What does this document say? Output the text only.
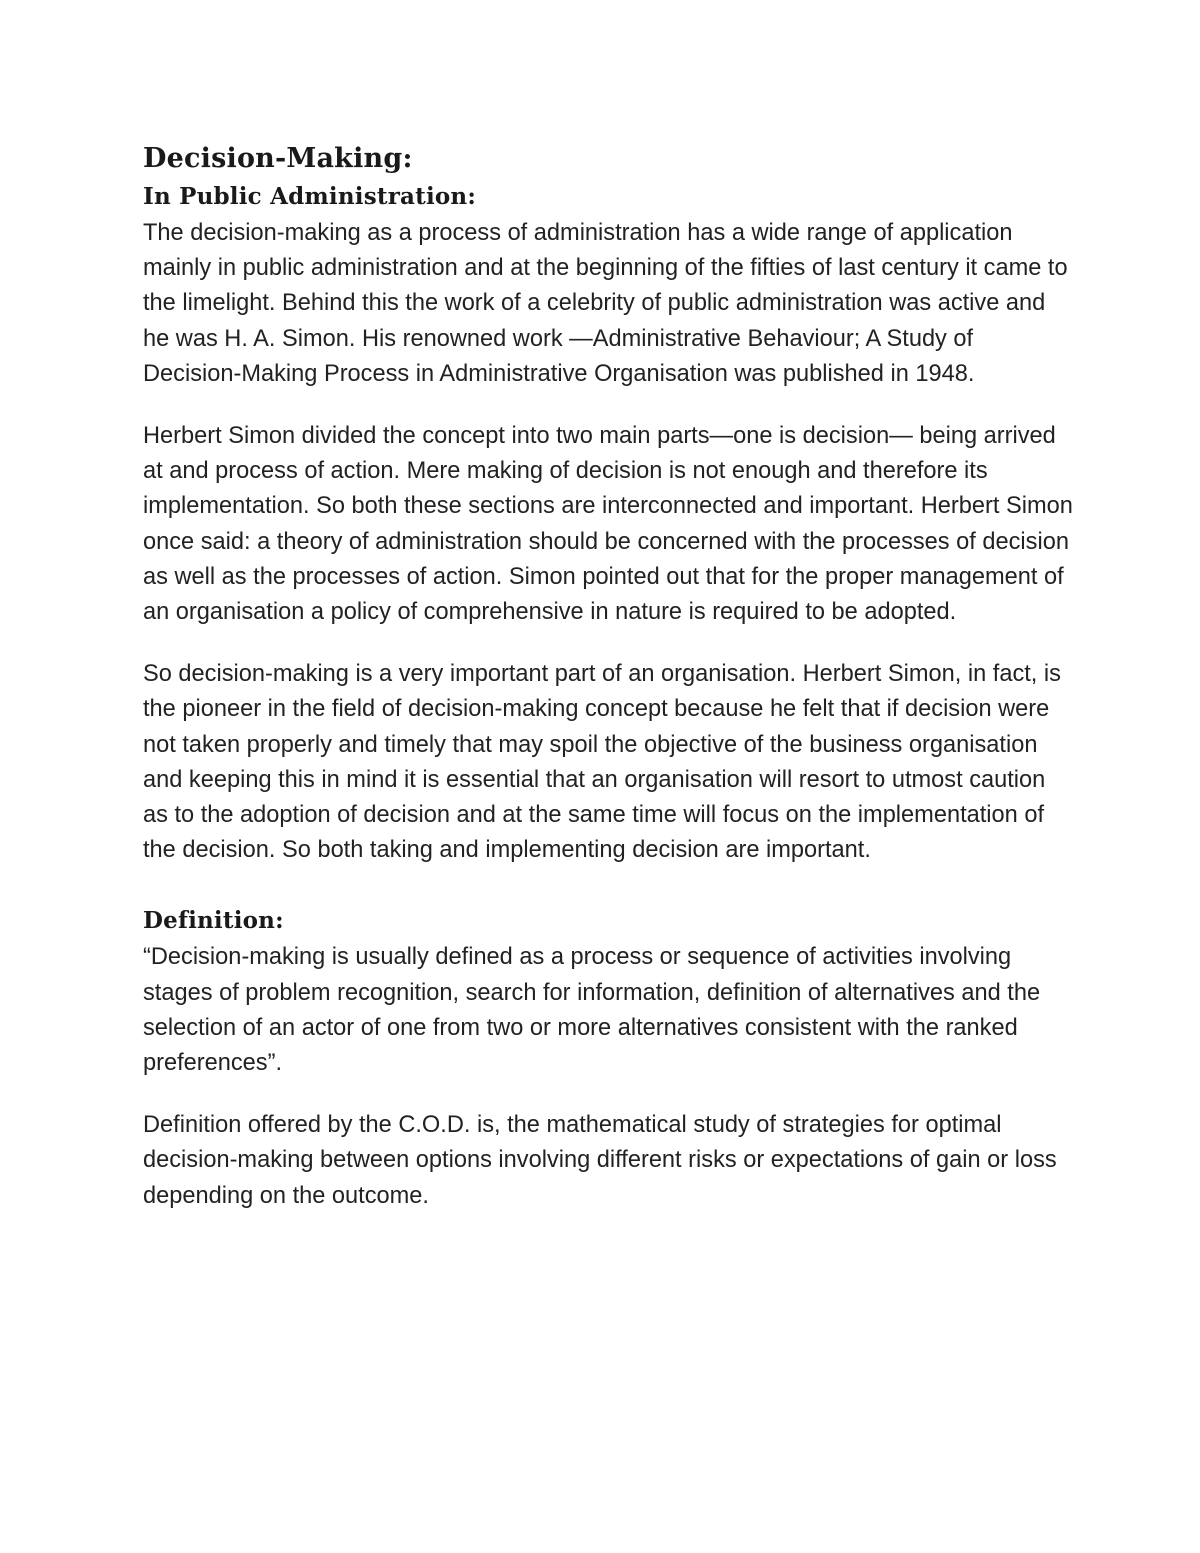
Decision-Making:
In Public Administration:

The decision-making as a process of administration has a wide range of application mainly in public administration and at the beginning of the fifties of last century it came to the limelight. Behind this the work of a celebrity of public administration was active and he was H. A. Simon. His renowned work —Administrative Behaviour; A Study of Decision-Making Process in Administrative Organisation was published in 1948.

Herbert Simon divided the concept into two main parts—one is decision— being arrived at and process of action. Mere making of decision is not enough and therefore its implementation. So both these sections are interconnected and important. Herbert Simon once said: a theory of administration should be concerned with the processes of decision as well as the processes of action. Simon pointed out that for the proper management of an organisation a policy of comprehensive in nature is required to be adopted.

So decision-making is a very important part of an organisation. Herbert Simon, in fact, is the pioneer in the field of decision-making concept because he felt that if decision were not taken properly and timely that may spoil the objective of the business organisation and keeping this in mind it is essential that an organisation will resort to utmost caution as to the adoption of decision and at the same time will focus on the implementation of the decision. So both taking and implementing decision are important.

Definition:

“Decision-making is usually defined as a process or sequence of activities involving stages of problem recognition, search for information, definition of alternatives and the selection of an actor of one from two or more alternatives consistent with the ranked preferences”.

Definition offered by the C.O.D. is, the mathematical study of strategies for optimal decision-making between options involving different risks or expectations of gain or loss depending on the outcome.
